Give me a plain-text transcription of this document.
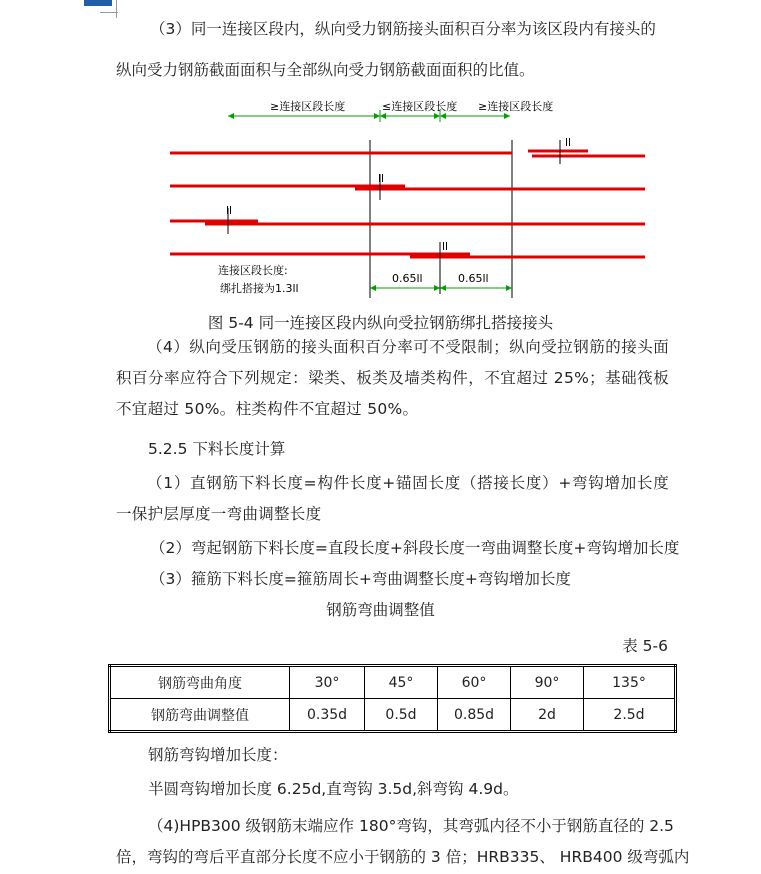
（3）同一连接区段内，纵向受力钢筋接头面积百分率为该区段内有接头的
纵向受力钢筋截面面积与全部纵向受力钢筋截面面积的比值。
≥连接区段长度	≤连接区段长度 ≥连接区段长度
ll
ll
ll
ll
0.65ll	0.65ll
连接区段长度:
绑扎搭接为1.3ll
图 5-4 同一连接区段内纵向受拉钢筋绑扎搭接接头

（4）纵向受压钢筋的接头面积百分率可不受限制；纵向受拉钢筋的接头面积百分率应符合下列规定：梁类、板类及墙类构件，不宜超过 25%；基础筏板不宜超过 50%。柱类构件不宜超过 50%。

5.2.5 下料长度计算

（1）直钢筋下料长度=构件长度+锚固长度（搭接长度）+弯钩增加长度一保护层厚度一弯曲调整长度

（2）弯起钢筋下料长度=直段长度+斜段长度一弯曲调整长度+弯钩增加长度
（3）箍筋下料长度=箍筋周长+弯曲调整长度+弯钩增加长度
钢筋弯曲调整值
表 5-6
钢筋弯曲角度	30°	45°	60°	90°	135°
钢筋弯曲调整值	0.35d	0.5d	0.85d	2d	2.5d
钢筋弯钩增加长度：
半圆弯钩增加长度 6.25d,直弯钩 3.5d,斜弯钩 4.9d。
（4)HPB300 级钢筋末端应作 180°弯钩，其弯弧内径不小于钢筋直径的 2.5
倍，弯钩的弯后平直部分长度不应小于钢筋的 3 倍；HRB335、 HRB400 级弯弧内
